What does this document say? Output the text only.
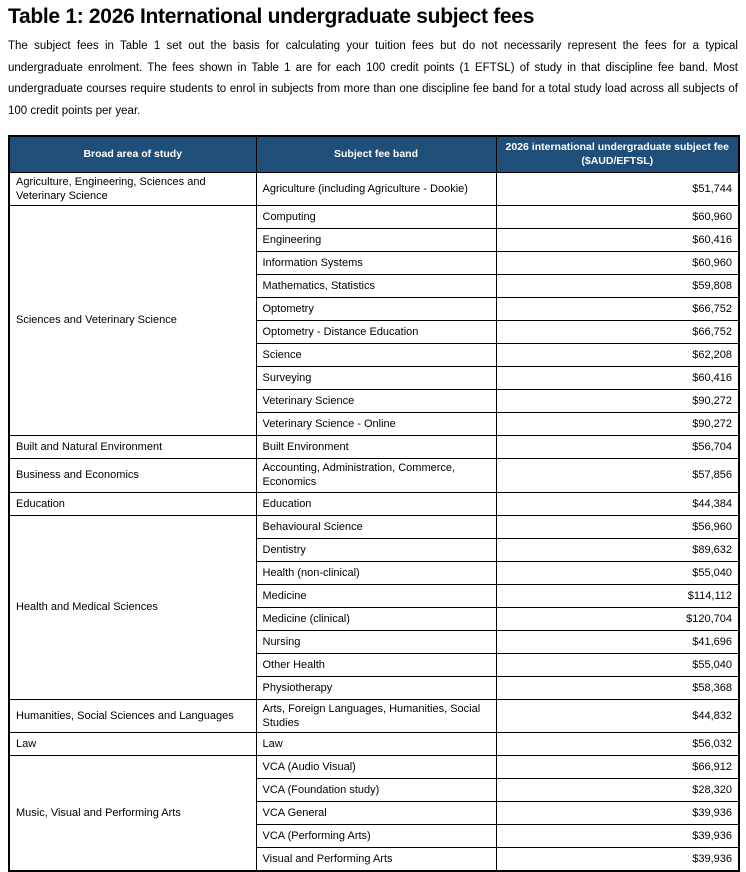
Table 1: 2026 International undergraduate subject fees

The subject fees in Table 1 set out the basis for calculating your tuition fees but do not necessarily represent the fees for a typical undergraduate enrolment. The fees shown in Table 1 are for each 100 credit points (1 EFTSL) of study in that discipline fee band. Most undergraduate courses require students to enrol in subjects from more than one discipline fee band for a total study load across all subjects of 100 credit points per year.

Broad area of study	Subject fee band	2026 international undergraduate subject fee ($AUD/EFTSL)
Agriculture, Engineering, Sciences and Veterinary Science	Agriculture (including Agriculture - Dookie)	$51,744
Sciences and Veterinary Science	Computing	$60,960
	Engineering	$60,416
	Information Systems	$60,960
	Mathematics, Statistics	$59,808
	Optometry	$66,752
	Optometry - Distance Education	$66,752
	Science	$62,208
	Surveying	$60,416
	Veterinary Science	$90,272
	Veterinary Science - Online	$90,272
Built and Natural Environment	Built Environment	$56,704
Business and Economics	Accounting, Administration, Commerce, Economics	$57,856
Education	Education	$44,384
Health and Medical Sciences	Behavioural Science	$56,960
	Dentistry	$89,632
	Health (non-clinical)	$55,040
	Medicine	$114,112
	Medicine (clinical)	$120,704
	Nursing	$41,696
	Other Health	$55,040
	Physiotherapy	$58,368
Humanities, Social Sciences and Languages	Arts, Foreign Languages, Humanities, Social Studies	$44,832
Law	Law	$56,032
Music, Visual and Performing Arts	VCA (Audio Visual)	$66,912
	VCA (Foundation study)	$28,320
	VCA General	$39,936
	VCA (Performing Arts)	$39,936
	Visual and Performing Arts	$39,936
